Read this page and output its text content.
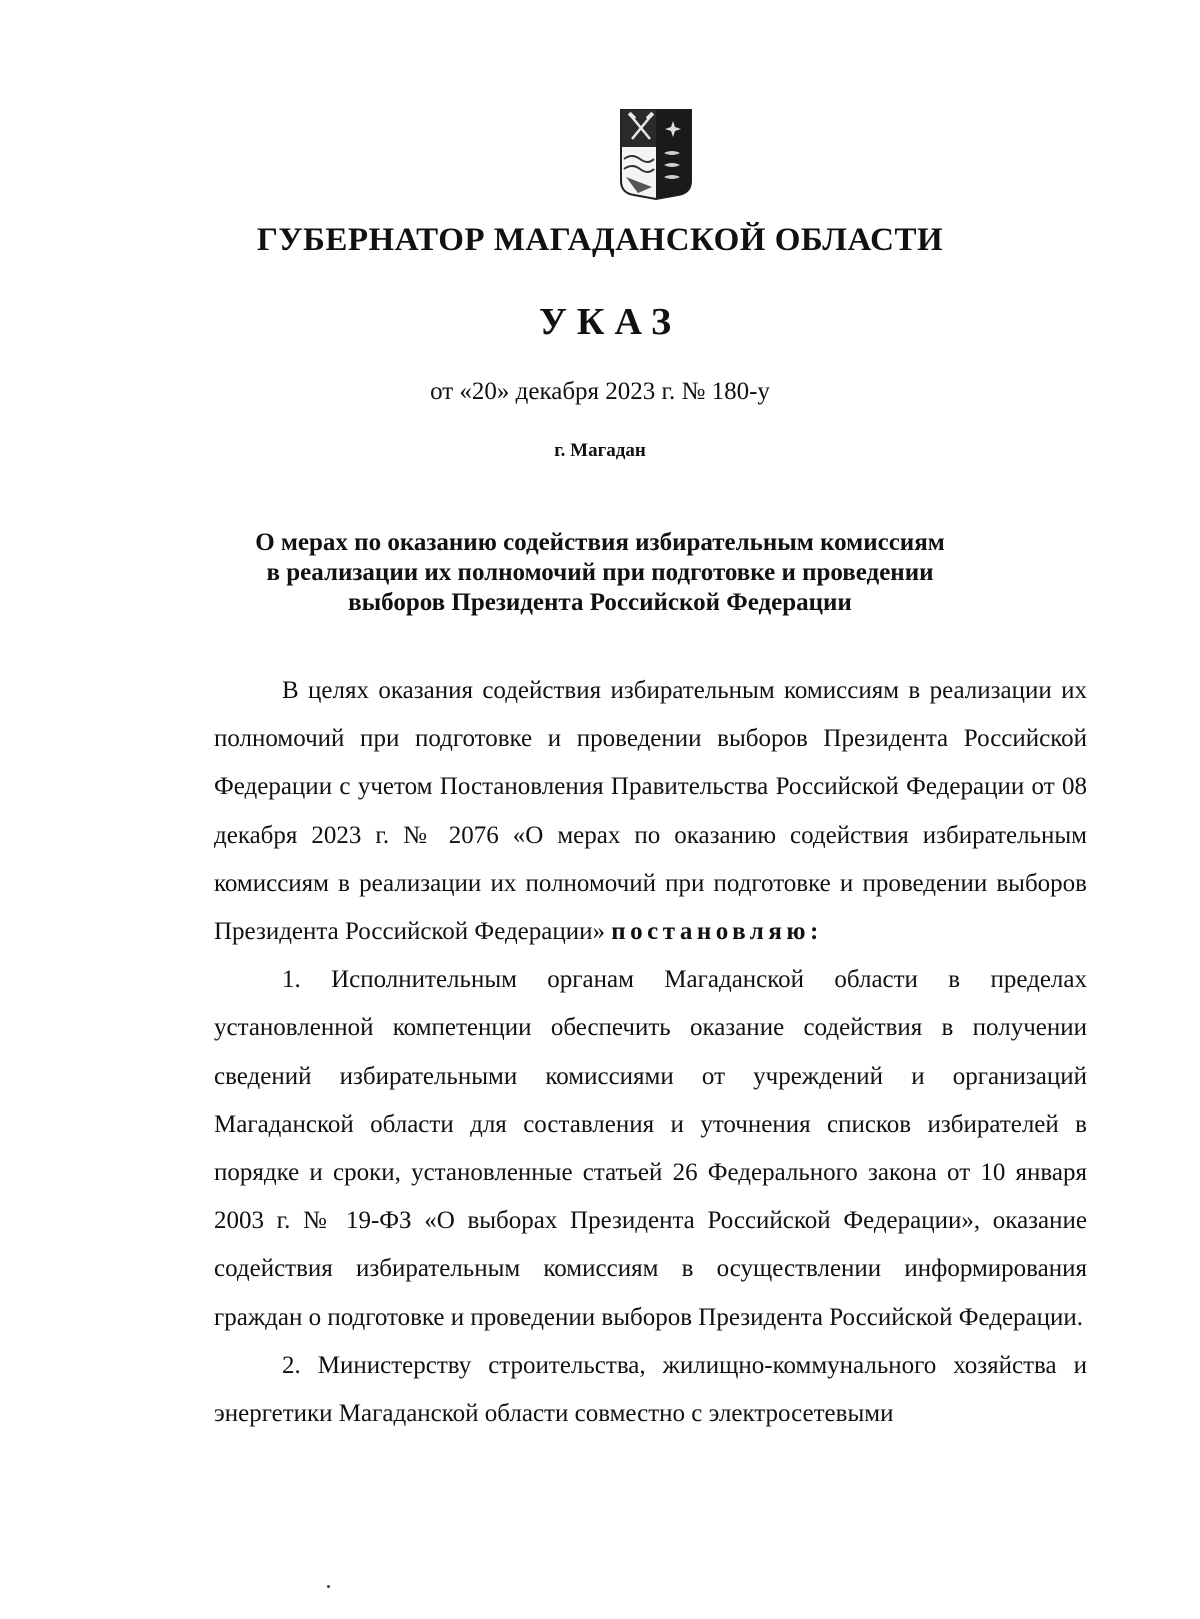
ГУБЕРНАТОР МАГАДАНСКОЙ ОБЛАСТИ
УКАЗ
от «20» декабря 2023 г. № 180-у
г. Магадан
О мерах по оказанию содействия избирательным комиссиям
в реализации их полномочий при подготовке и проведении
выборов Президента Российской Федерации

В целях оказания содействия избирательным комиссиям в реализации их полномочий при подготовке и проведении выборов Президента Российской Федерации с учетом Постановления Правительства Российской Федерации от 08 декабря 2023 г. № 2076 «О мерах по оказанию содействия избирательным комиссиям в реализации их полномочий при подготовке и проведении выборов Президента Российской Федерации» постановляю:

1. Исполнительным органам Магаданской области в пределах установленной компетенции обеспечить оказание содействия в получении сведений избирательными комиссиями от учреждений и организаций Магаданской области для составления и уточнения списков избирателей в порядке и сроки, установленные статьей 26 Федерального закона от 10 января 2003 г. № 19-ФЗ «О выборах Президента Российской Федерации», оказание содействия избирательным комиссиям в осуществлении информирования граждан о подготовке и проведении выборов Президента Российской Федерации.

2. Министерству строительства, жилищно-коммунального хозяйства и энергетики Магаданской области совместно с электросетевыми
